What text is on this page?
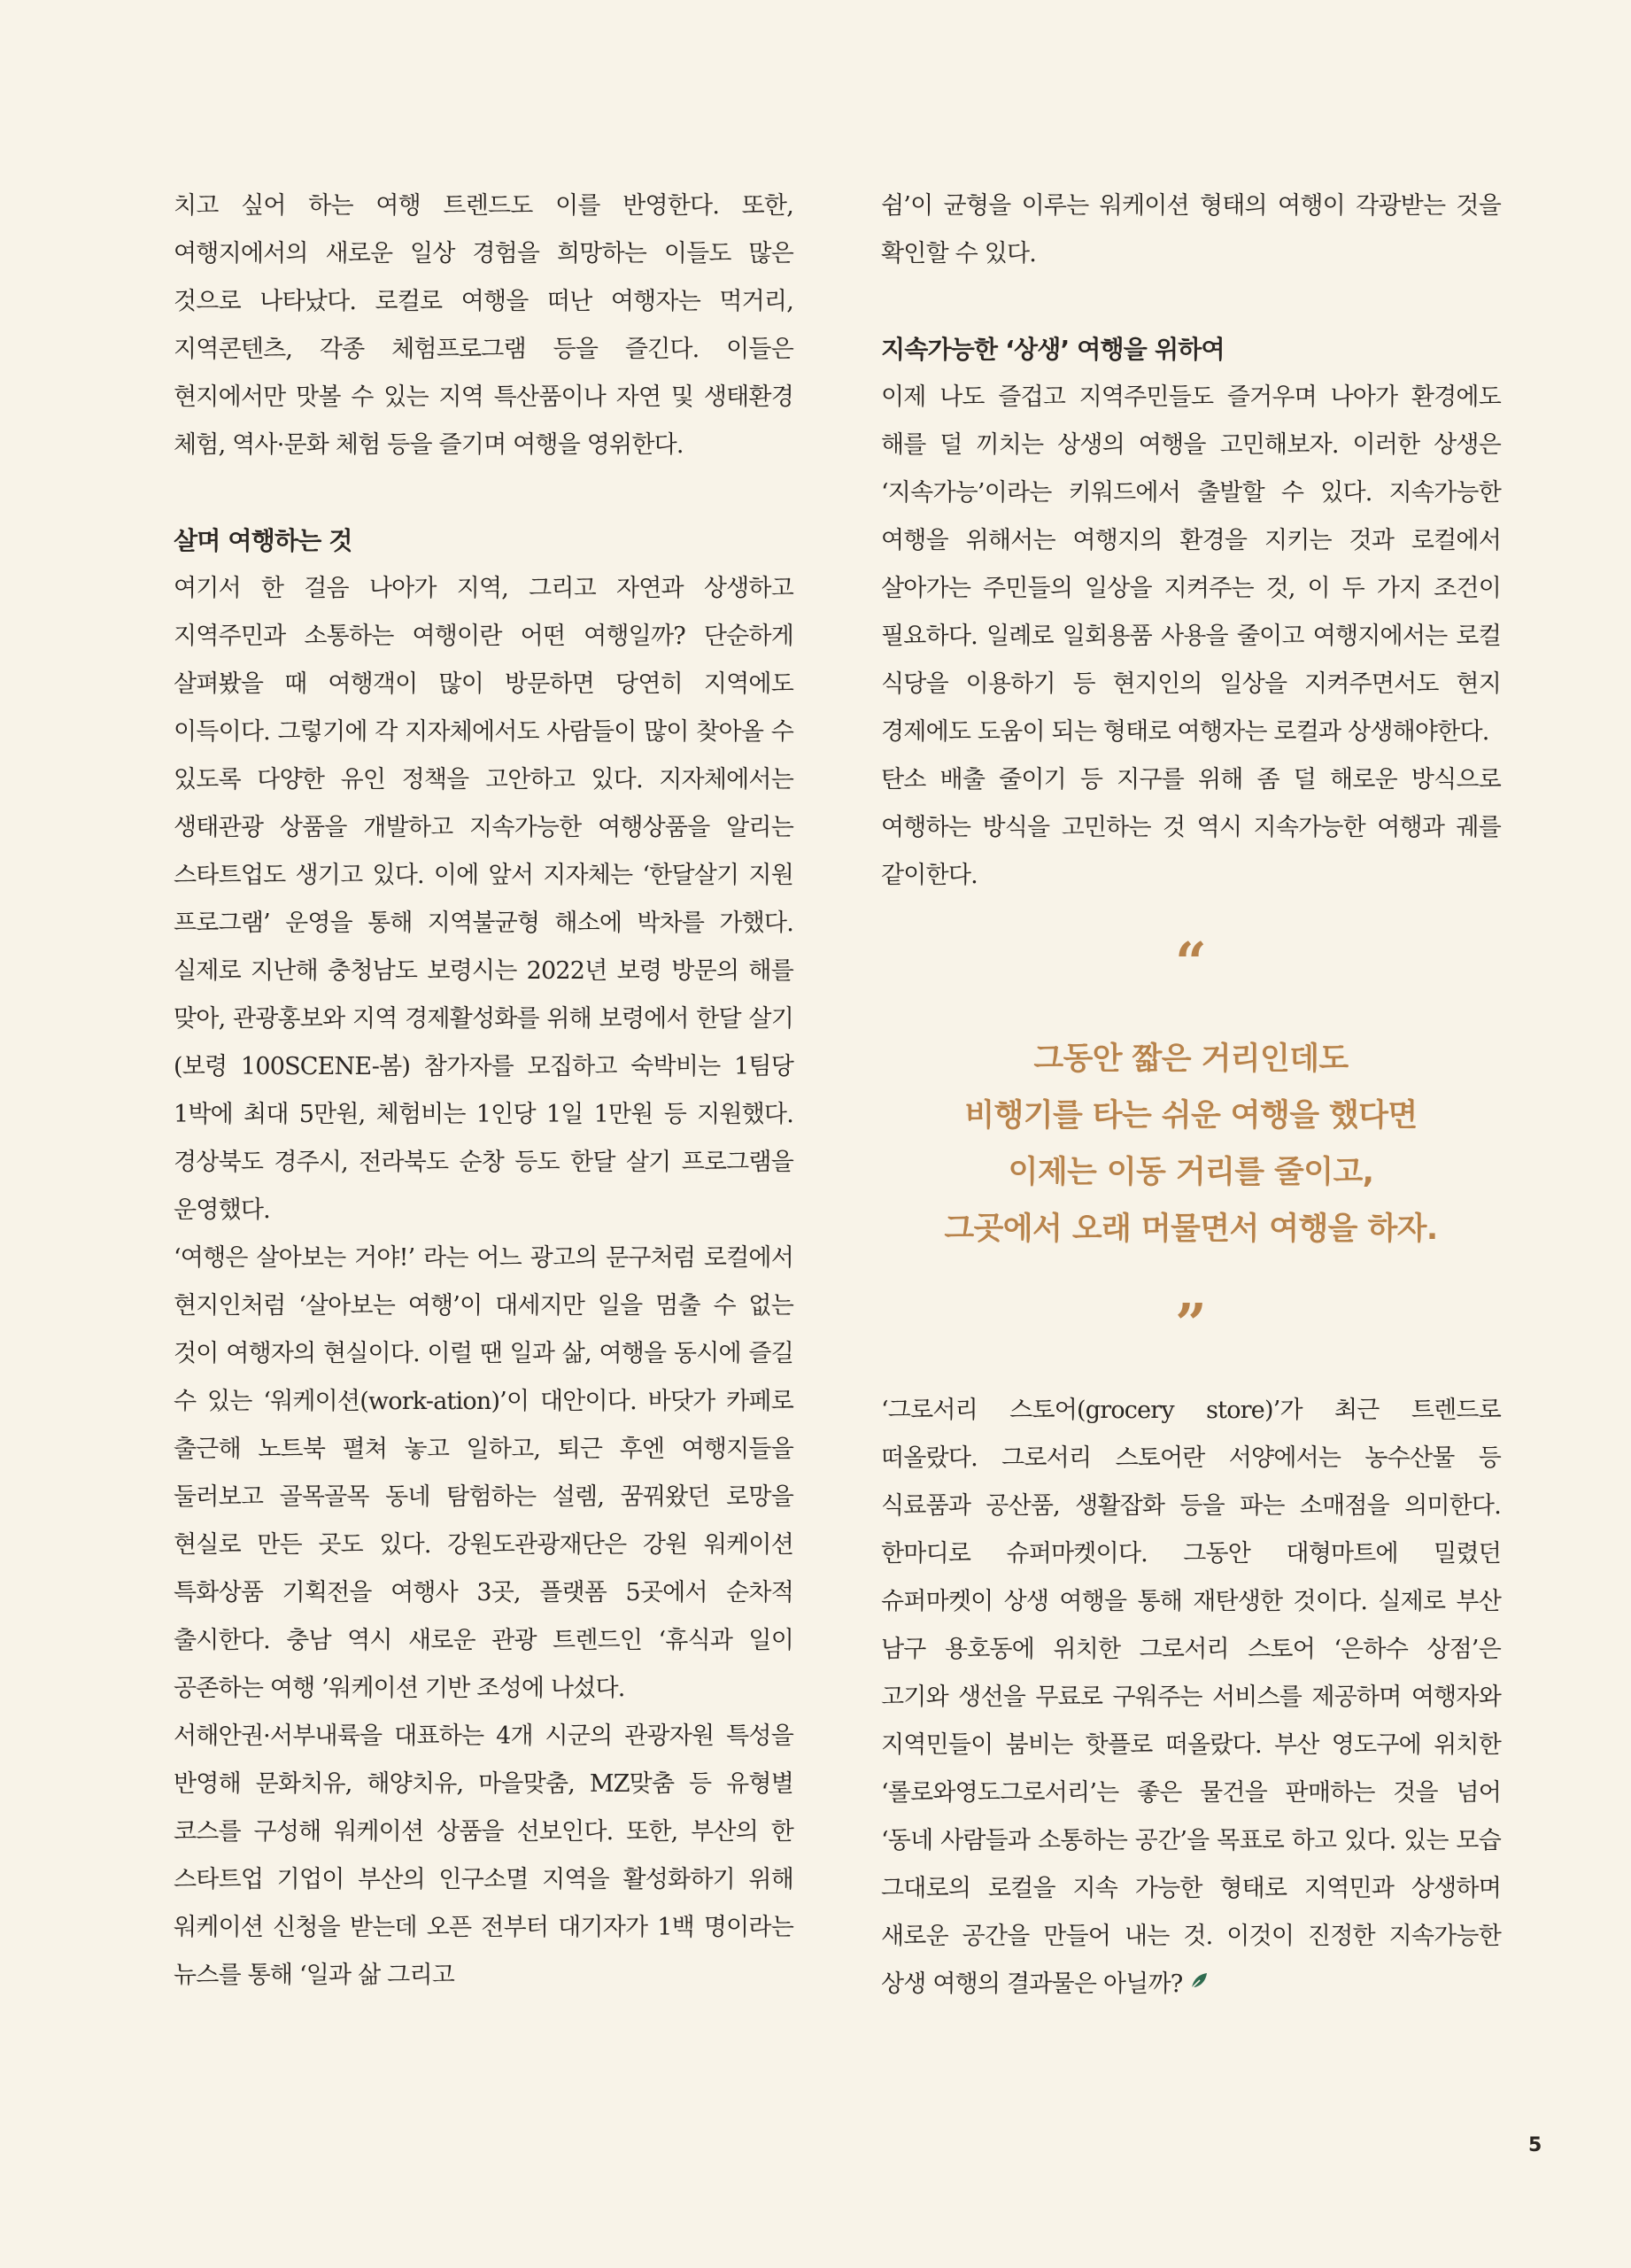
치고 싶어 하는 여행 트렌드도 이를 반영한다. 또한, 여행지에서의 새로운 일상 경험을 희망하는 이들도 많은 것으로 나타났다. 로컬로 여행을 떠난 여행자는 먹거리, 지역콘텐츠, 각종 체험프로그램 등을 즐긴다. 이들은 현지에서만 맛볼 수 있는 지역 특산품이나 자연 및 생태환경 체험, 역사·문화 체험 등을 즐기며 여행을 영위한다.

살며 여행하는 것

여기서 한 걸음 나아가 지역, 그리고 자연과 상생하고 지역주민과 소통하는 여행이란 어떤 여행일까? 단순하게 살펴봤을 때 여행객이 많이 방문하면 당연히 지역에도 이득이다. 그렇기에 각 지자체에서도 사람들이 많이 찾아올 수 있도록 다양한 유인 정책을 고안하고 있다. 지자체에서는 생태관광 상품을 개발하고 지속가능한 여행상품을 알리는 스타트업도 생기고 있다. 이에 앞서 지자체는 ‘한달살기 지원 프로그램’ 운영을 통해 지역불균형 해소에 박차를 가했다. 실제로 지난해 충청남도 보령시는 2022년 보령 방문의 해를 맞아, 관광홍보와 지역 경제활성화를 위해 보령에서 한달 살기(보령 100SCENE-봄) 참가자를 모집하고 숙박비는 1팀당 1박에 최대 5만원, 체험비는 1인당 1일 1만원 등 지원했다. 경상북도 경주시, 전라북도 순창 등도 한달 살기 프로그램을 운영했다.

‘여행은 살아보는 거야!’ 라는 어느 광고의 문구처럼 로컬에서 현지인처럼 ‘살아보는 여행’이 대세지만 일을 멈출 수 없는 것이 여행자의 현실이다. 이럴 땐 일과 삶, 여행을 동시에 즐길 수 있는 ‘워케이션(work-ation)’이 대안이다. 바닷가 카페로 출근해 노트북 펼쳐 놓고 일하고, 퇴근 후엔 여행지들을 둘러보고 골목골목 동네 탐험하는 설렘, 꿈꿔왔던 로망을 현실로 만든 곳도 있다. 강원도관광재단은 강원 워케이션 특화상품 기획전을 여행사 3곳, 플랫폼 5곳에서 순차적 출시한다. 충남 역시 새로운 관광 트렌드인 ‘휴식과 일이 공존하는 여행 ’워케이션 기반 조성에 나섰다.

서해안권·서부내륙을 대표하는 4개 시군의 관광자원 특성을 반영해 문화치유, 해양치유, 마을맞춤, MZ맞춤 등 유형별 코스를 구성해 워케이션 상품을 선보인다. 또한, 부산의 한 스타트업 기업이 부산의 인구소멸 지역을 활성화하기 위해 워케이션 신청을 받는데 오픈 전부터 대기자가 1백 명이라는 뉴스를 통해 ‘일과 삶 그리고

쉼’이 균형을 이루는 워케이션 형태의 여행이 각광받는 것을 확인할 수 있다.

지속가능한 ‘상생’ 여행을 위하여

이제 나도 즐겁고 지역주민들도 즐거우며 나아가 환경에도 해를 덜 끼치는 상생의 여행을 고민해보자. 이러한 상생은 ‘지속가능’이라는 키워드에서 출발할 수 있다. 지속가능한 여행을 위해서는 여행지의 환경을 지키는 것과 로컬에서 살아가는 주민들의 일상을 지켜주는 것, 이 두 가지 조건이 필요하다. 일례로 일회용품 사용을 줄이고 여행지에서는 로컬 식당을 이용하기 등 현지인의 일상을 지켜주면서도 현지 경제에도 도움이 되는 형태로 여행자는 로컬과 상생해야한다.

탄소 배출 줄이기 등 지구를 위해 좀 덜 해로운 방식으로 여행하는 방식을 고민하는 것 역시 지속가능한 여행과 궤를 같이한다.

“
그동안 짧은 거리인데도
비행기를 타는 쉬운 여행을 했다면
이제는 이동 거리를 줄이고,
그곳에서 오래 머물면서 여행을 하자.
”

‘그로서리 스토어(grocery store)’가 최근 트렌드로 떠올랐다. 그로서리 스토어란 서양에서는 농수산물 등 식료품과 공산품, 생활잡화 등을 파는 소매점을 의미한다. 한마디로 슈퍼마켓이다. 그동안 대형마트에 밀렸던 슈퍼마켓이 상생 여행을 통해 재탄생한 것이다. 실제로 부산 남구 용호동에 위치한 그로서리 스토어 ‘은하수 상점’은 고기와 생선을 무료로 구워주는 서비스를 제공하며 여행자와 지역민들이 붐비는 핫플로 떠올랐다. 부산 영도구에 위치한 ‘롤로와영도그로서리’는 좋은 물건을 판매하는 것을 넘어 ‘동네 사람들과 소통하는 공간’을 목표로 하고 있다. 있는 모습 그대로의 로컬을 지속 가능한 형태로 지역민과 상생하며 새로운 공간을 만들어 내는 것. 이것이 진정한 지속가능한 상생 여행의 결과물은 아닐까?

5
